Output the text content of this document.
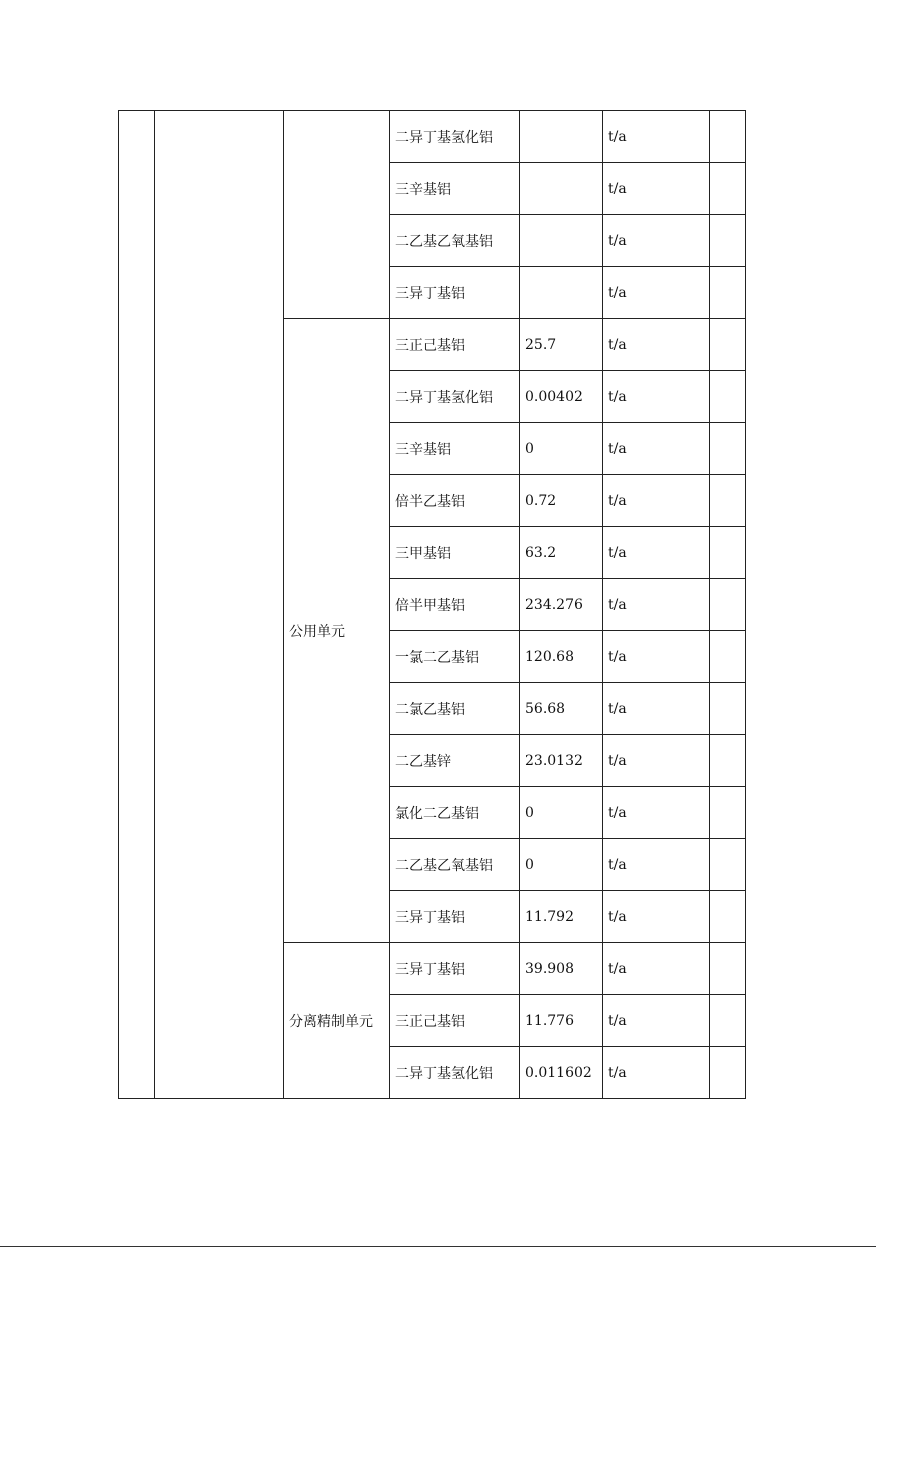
			二异丁基氢化铝		t/a	
			三辛基铝		t/a	
			二乙基乙氧基铝		t/a	
			三异丁基铝		t/a	
		公用单元	三正己基铝	25.7	t/a	
			二异丁基氢化铝	0.00402	t/a	
			三辛基铝	0	t/a	
			倍半乙基铝	0.72	t/a	
			三甲基铝	63.2	t/a	
			倍半甲基铝	234.276	t/a	
			一氯二乙基铝	120.68	t/a	
			二氯乙基铝	56.68	t/a	
			二乙基锌	23.0132	t/a	
			氯化二乙基铝	0	t/a	
			二乙基乙氧基铝	0	t/a	
			三异丁基铝	11.792	t/a	
		分离精制单元	三异丁基铝	39.908	t/a	
			三正己基铝	11.776	t/a	
			二异丁基氢化铝	0.011602	t/a	
